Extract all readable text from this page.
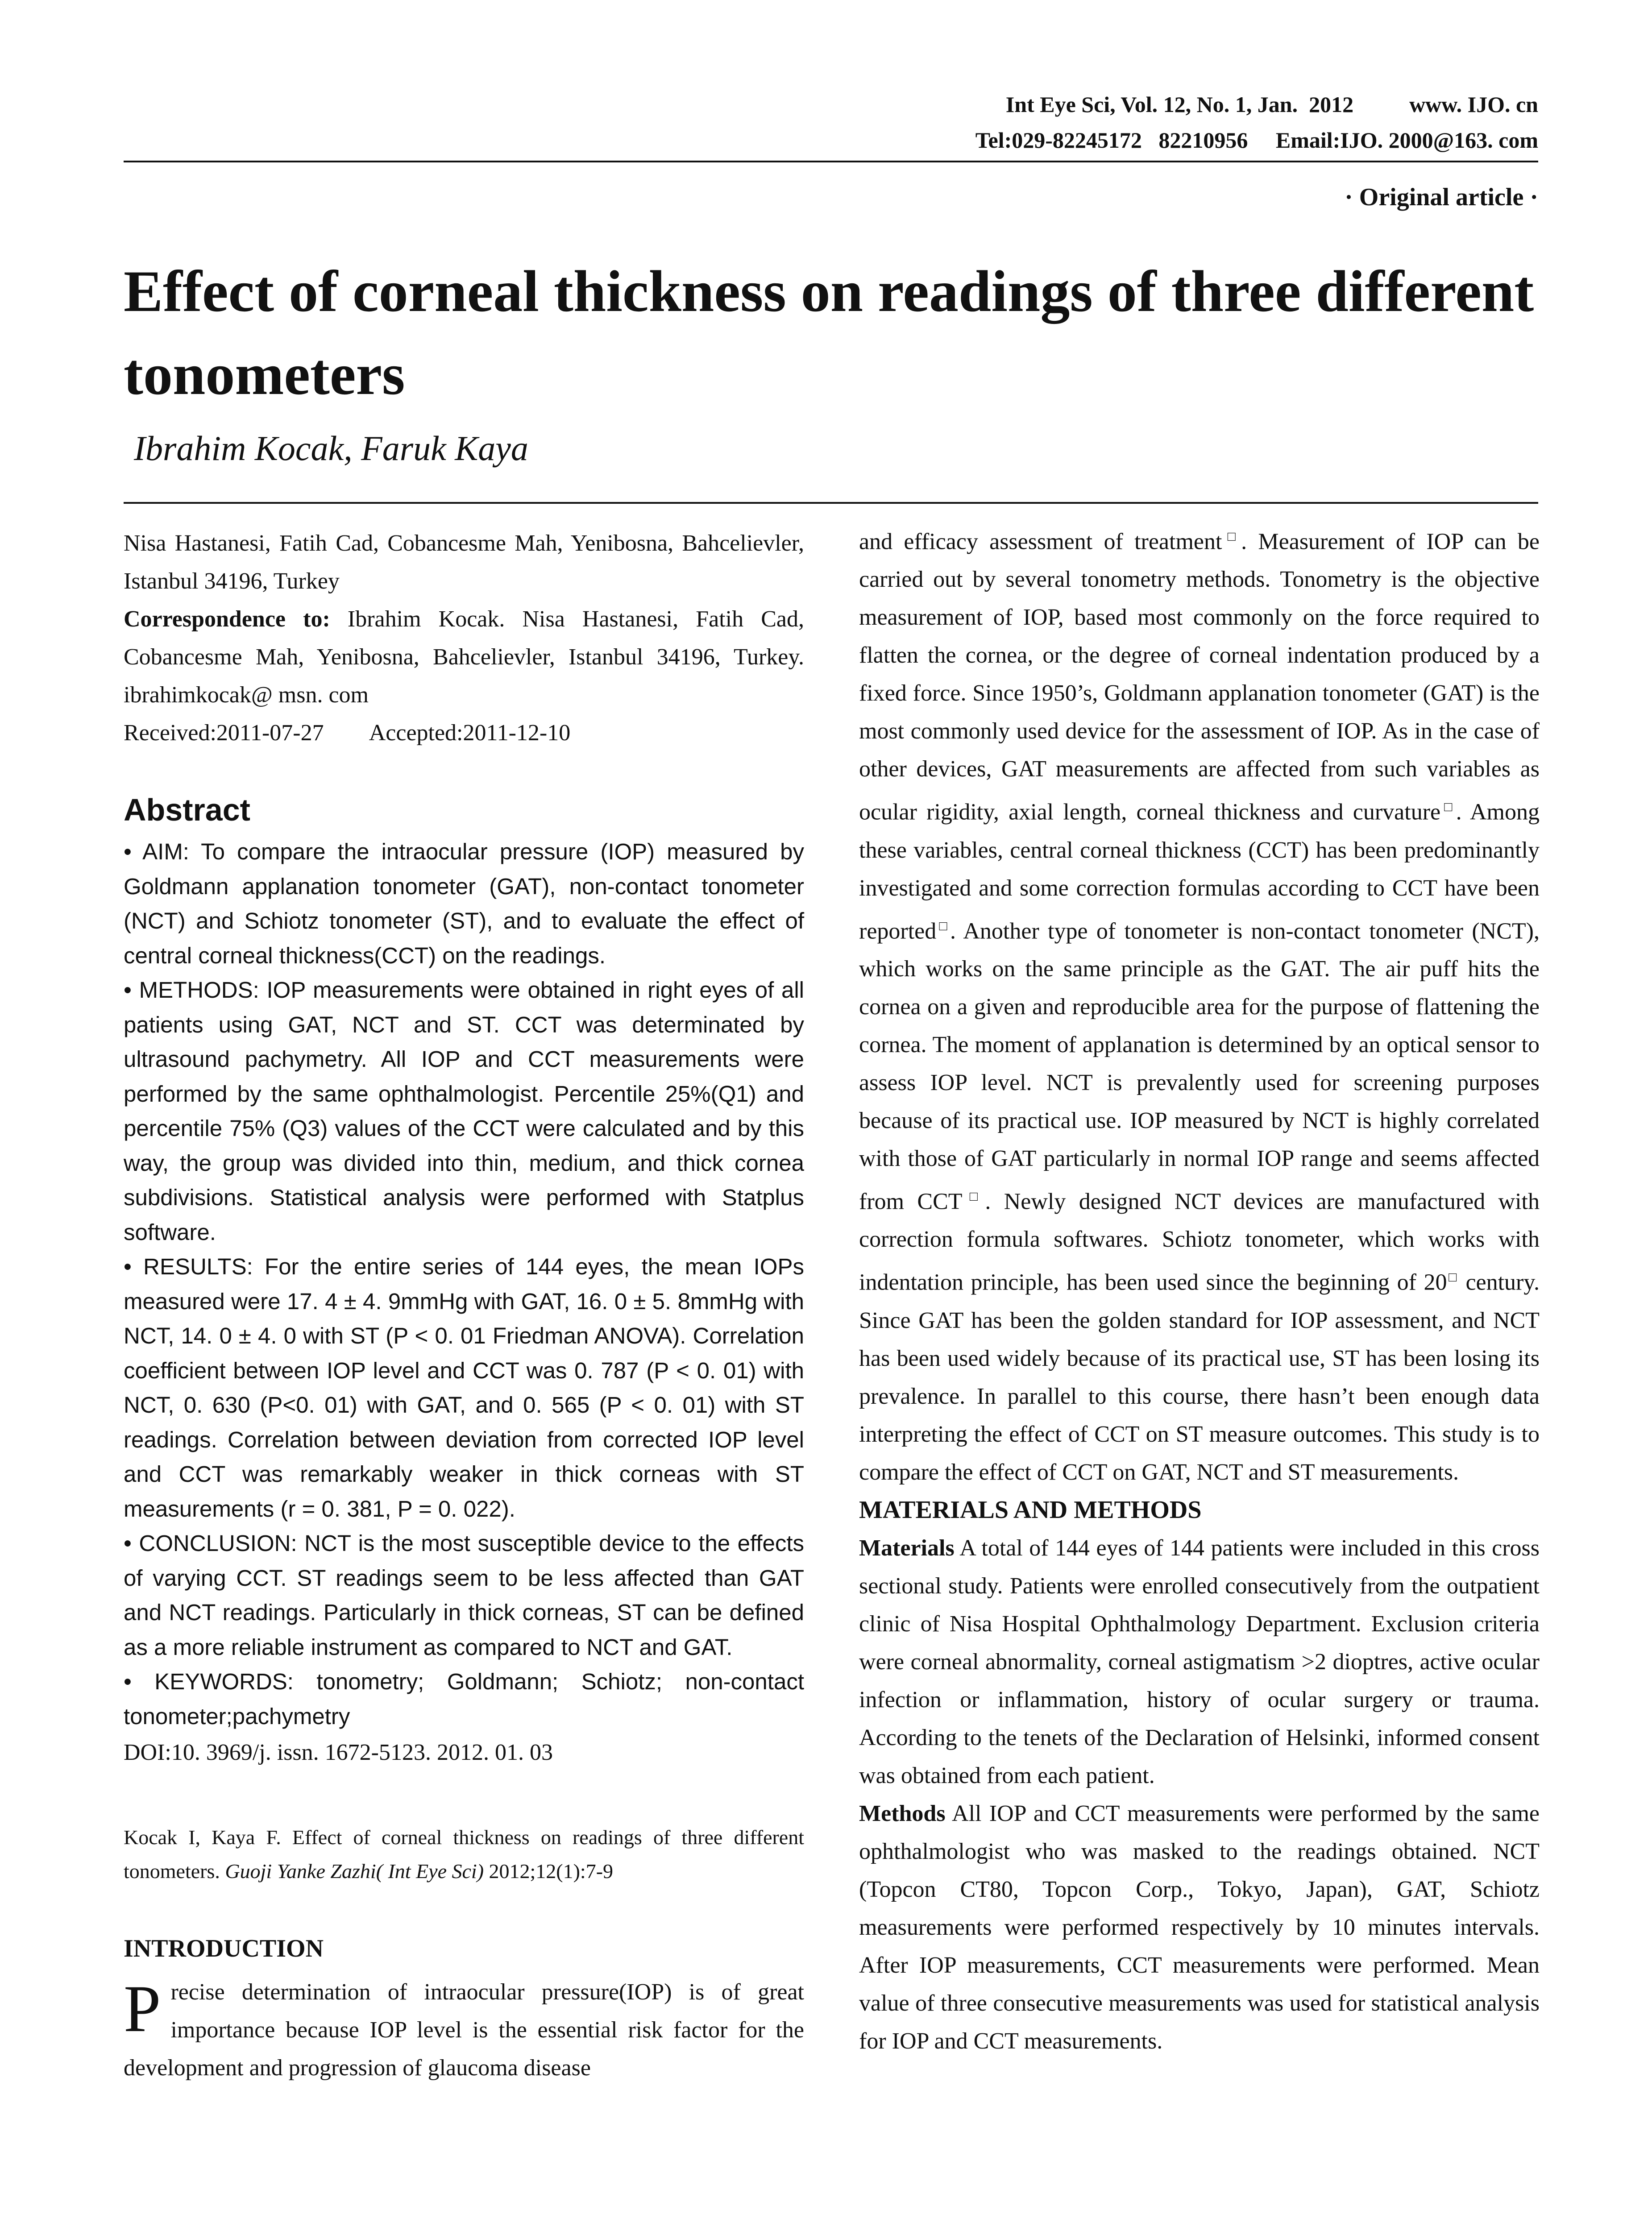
Int Eye Sci, Vol. 12, No. 1, Jan.  2012          www. IJO. cn
Tel:029-82245172   82210956     Email:IJO. 2000@163. com
· Original article ·
Effect of corneal thickness on readings of three different tonometers
Ibrahim Kocak, Faruk Kaya

Nisa Hastanesi, Fatih Cad, Cobancesme Mah, Yenibosna, Bahcelievler, Istanbul 34196, Turkey

Correspondence to: Ibrahim Kocak. Nisa Hastanesi, Fatih Cad, Cobancesme Mah, Yenibosna, Bahcelievler, Istanbul 34196, Turkey. ibrahimkocak@ msn. com

Received:2011-07-27        Accepted:2011-12-10

Abstract

• AIM: To compare the intraocular pressure (IOP) measured by Goldmann applanation tonometer (GAT), non-contact tonometer (NCT) and Schiotz tonometer (ST), and to evaluate the effect of central corneal thickness(CCT) on the readings.

• METHODS: IOP measurements were obtained in right eyes of all patients using GAT, NCT and ST. CCT was determinated by ultrasound pachymetry. All IOP and CCT measurements were performed by the same ophthalmologist. Percentile 25%(Q1) and percentile 75% (Q3) values of the CCT were calculated and by this way, the group was divided into thin, medium, and thick cornea subdivisions. Statistical analysis were performed with Statplus software.

• RESULTS: For the entire series of 144 eyes, the mean IOPs measured were 17. 4 ± 4. 9mmHg with GAT, 16. 0 ± 5. 8mmHg with NCT, 14. 0 ± 4. 0 with ST (P < 0. 01 Friedman ANOVA). Correlation coefficient between IOP level and CCT was 0. 787 (P < 0. 01) with NCT, 0. 630 (P<0. 01) with GAT, and 0. 565 (P < 0. 01) with ST readings. Correlation between deviation from corrected IOP level and CCT was remarkably weaker in thick corneas with ST measurements (r = 0. 381, P = 0. 022).

• CONCLUSION: NCT is the most susceptible device to the effects of varying CCT. ST readings seem to be less affected than GAT and NCT readings. Particularly in thick corneas, ST can be defined as a more reliable instrument as compared to NCT and GAT.

• KEYWORDS: tonometry; Goldmann; Schiotz; non-contact tonometer;pachymetry

DOI:10. 3969/j. issn. 1672-5123. 2012. 01. 03

Kocak I, Kaya F. Effect of corneal thickness on readings of three different tonometers. Guoji Yanke Zazhi( Int Eye Sci) 2012;12(1):7-9

INTRODUCTION

Precise determination of intraocular pressure(IOP) is of great importance because IOP level is the essential risk factor for the development and progression of glaucoma disease

and efficacy assessment of treatment□. Measurement of IOP can be carried out by several tonometry methods. Tonometry is the objective measurement of IOP, based most commonly on the force required to flatten the cornea, or the degree of corneal indentation produced by a fixed force. Since 1950’s, Goldmann applanation tonometer (GAT) is the most commonly used device for the assessment of IOP. As in the case of other devices, GAT measurements are affected from such variables as ocular rigidity, axial length, corneal thickness and curvature□. Among these variables, central corneal thickness (CCT) has been predominantly investigated and some correction formulas according to CCT have been reported□. Another type of tonometer is non-contact tonometer (NCT), which works on the same principle as the GAT. The air puff hits the cornea on a given and reproducible area for the purpose of flattening the cornea. The moment of applanation is determined by an optical sensor to assess IOP level. NCT is prevalently used for screening purposes because of its practical use. IOP measured by NCT is highly correlated with those of GAT particularly in normal IOP range and seems affected from CCT□. Newly designed NCT devices are manufactured with correction formula softwares. Schiotz tonometer, which works with indentation principle, has been used since the beginning of 20□ century. Since GAT has been the golden standard for IOP assessment, and NCT has been used widely because of its practical use, ST has been losing its prevalence. In parallel to this course, there hasn’t been enough data interpreting the effect of CCT on ST measure outcomes. This study is to compare the effect of CCT on GAT, NCT and ST measurements.

MATERIALS AND METHODS

Materials A total of 144 eyes of 144 patients were included in this cross sectional study. Patients were enrolled consecutively from the outpatient clinic of Nisa Hospital Ophthalmology Department. Exclusion criteria were corneal abnormality, corneal astigmatism >2 dioptres, active ocular infection or inflammation, history of ocular surgery or trauma. According to the tenets of the Declaration of Helsinki, informed consent was obtained from each patient.

Methods All IOP and CCT measurements were performed by the same ophthalmologist who was masked to the readings obtained. NCT (Topcon CT80, Topcon Corp., Tokyo, Japan), GAT, Schiotz measurements were performed respectively by 10 minutes intervals. After IOP measurements, CCT measurements were performed. Mean value of three consecutive measurements was used for statistical analysis for IOP and CCT measurements.
